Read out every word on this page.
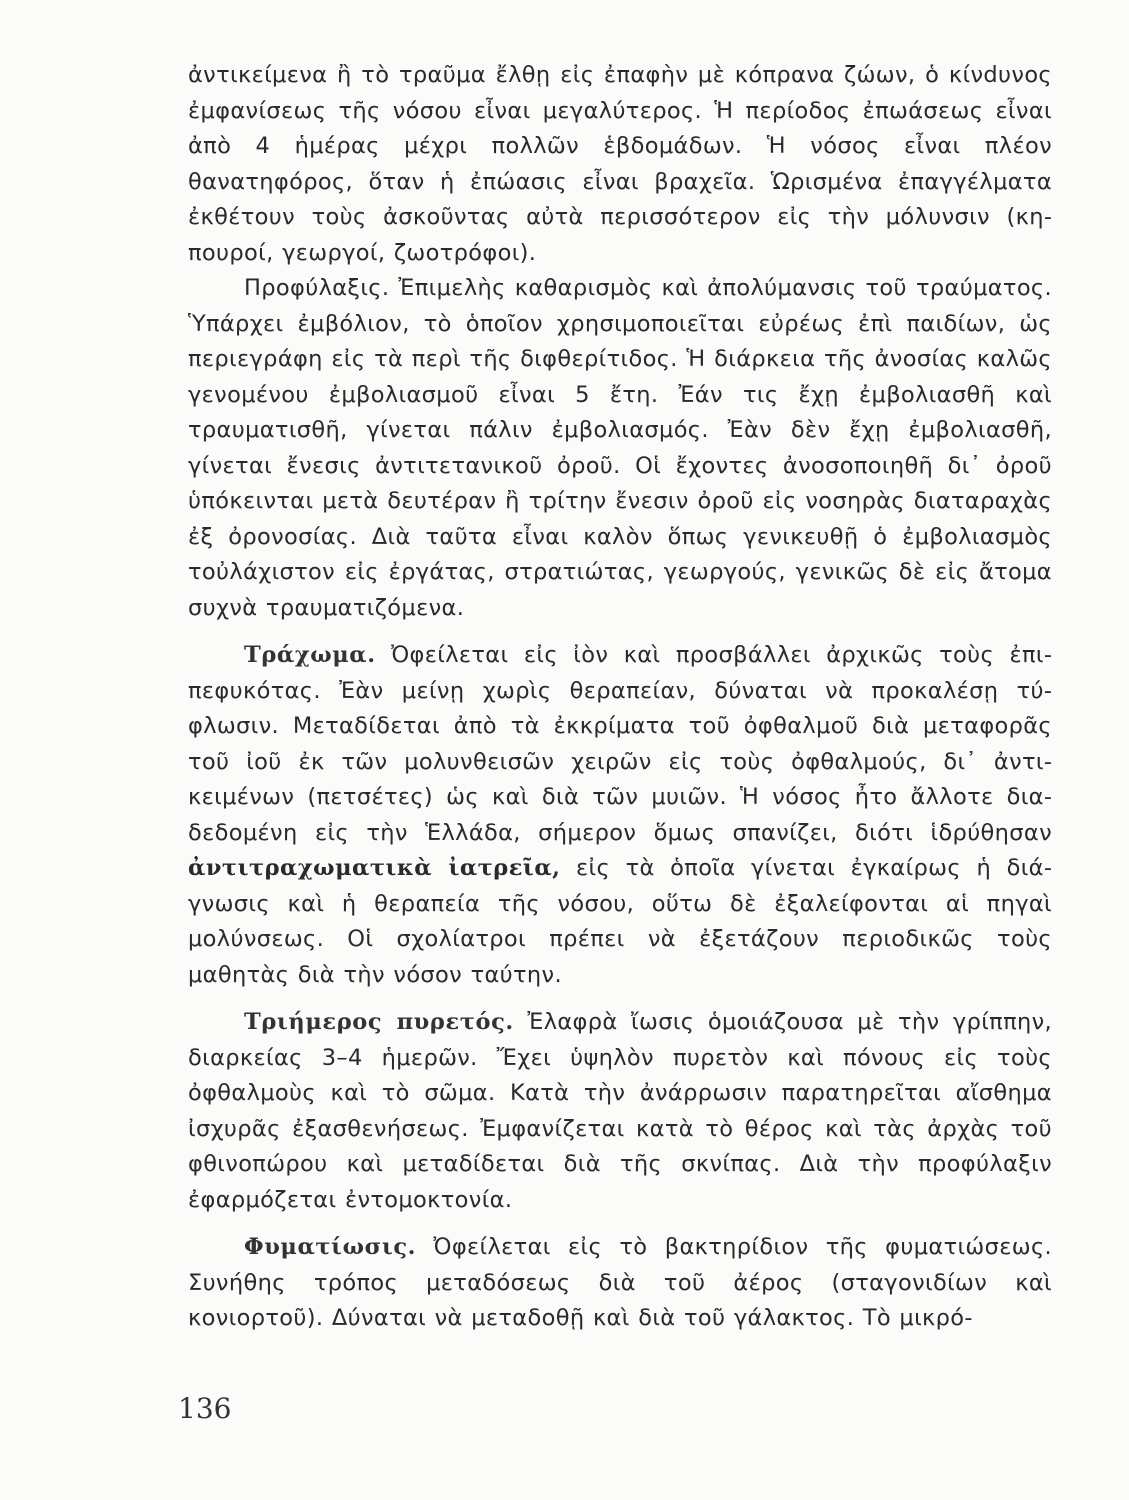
ἀντικείμενα ἢ τὸ τραῦμα ἔλθῃ εἰς ἐπαφὴν μὲ κόπρανα ζώων, ὁ κίνdυνος ἐμφανίσεως τῆς νόσου εἶναι μεγαλύτερος. Ἡ περίοδος ἐπωάσεως εἶναι ἀπὸ 4 ἡμέρας μέχρι πολλῶν ἑβδομάδων. Ἡ νόσος εἶναι πλέον θανατηφόρος, ὅταν ἡ ἐπώασις εἶναι βραχεῖα. Ὡρισμένα ἐπαγγέλματα ἐκθέτουν τοὺς ἀσκοῦντας αὐτὰ περισσότερον εἰς τὴν μόλυνσιν (κηπουροί, γεωργοί, ζωοτρόφοι).

Προφύλαξις. Ἐπιμελὴς καθαρισμὸς καὶ ἀπολύμανσις τοῦ τραύματος. Ὑπάρχει ἐμβόλιον, τὸ ὁποῖον χρησιμοποιεῖται εὐρέως ἐπὶ παιδίων, ὡς περιεγράφη εἰς τὰ περὶ τῆς διφθερίτιδος. Ἡ διάρκεια τῆς ἀνοσίας καλῶς γενομένου ἐμβολιασμοῦ εἶναι 5 ἔτη. Ἐάν τις ἔχῃ ἐμβολιασθῆ καὶ τραυματισθῆ, γίνεται πάλιν ἐμβολιασμός. Ἐὰν δὲν ἔχῃ ἐμβολιασθῆ, γίνεται ἔνεσις ἀντιτετανικοῦ ὀροῦ. Οἱ ἔχοντες ἀνοσοποιηθῆ δι᾿ ὀροῦ ὑπόκεινται μετὰ δευτέραν ἢ τρίτην ἔνεσιν ὀροῦ εἰς νοσηρὰς διαταραχὰς ἐξ ὀρονοσίας. Διὰ ταῦτα εἶναι καλὸν ὅπως γενικευθῇ ὁ ἐμβολιασμὸς τοὐλάχιστον εἰς ἐργάτας, στρατιώτας, γεωργούς, γενικῶς δὲ εἰς ἄτομα συχνὰ τραυματιζόμενα.

Τράχωμα. Ὀφείλεται εἰς ἰὸν καὶ προσβάλλει ἀρχικῶς τοὺς ἐπιπεφυκότας. Ἐὰν μείνῃ χωρὶς θεραπείαν, δύναται νὰ προκαλέσῃ τύφλωσιν. Μεταδίδεται ἀπὸ τὰ ἐκκρίματα τοῦ ὀφθαλμοῦ διὰ μεταφορᾶς τοῦ ἰοῦ ἐκ τῶν μολυνθεισῶν χειρῶν εἰς τοὺς ὀφθαλμούς, δι᾿ ἀντικειμένων (πετσέτες) ὡς καὶ διὰ τῶν μυιῶν. Ἡ νόσος ἦτο ἄλλοτε διαδεδομένη εἰς τὴν Ἑλλάδα, σήμερον ὅμως σπανίζει, διότι ἱδρύθησαν ἀντιτραχωματικὰ ἰατρεῖα, εἰς τὰ ὁποῖα γίνεται ἐγκαίρως ἡ διάγνωσις καὶ ἡ θεραπεία τῆς νόσου, οὕτω δὲ ἐξαλείφονται αἱ πηγαὶ μολύνσεως. Οἱ σχολίατροι πρέπει νὰ ἐξετάζουν περιοδικῶς τοὺς μαθητὰς διὰ τὴν νόσον ταύτην.

Τριήμερος πυρετός. Ἐλαφρὰ ἴωσις ὁμοιάζουσα μὲ τὴν γρίππην, διαρκείας 3–4 ἡμερῶν. Ἔχει ὑψηλὸν πυρετὸν καὶ πόνους εἰς τοὺς ὀφθαλμοὺς καὶ τὸ σῶμα. Κατὰ τὴν ἀνάρρωσιν παρατηρεῖται αἴσθημα ἰσχυρᾶς ἐξασθενήσεως. Ἐμφανίζεται κατὰ τὸ θέρος καὶ τὰς ἀρχὰς τοῦ φθινοπώρου καὶ μεταδίδεται διὰ τῆς σκνίπας. Διὰ τὴν προφύλαξιν ἐφαρμόζεται ἐντομοκτονία.

Φυματίωσις. Ὀφείλεται εἰς τὸ βακτηρίδιον τῆς φυματιώσεως. Συνήθης τρόπος μεταδόσεως διὰ τοῦ ἀέρος (σταγονιδίων καὶ κονιορτοῦ). Δύναται νὰ μεταδοθῇ καὶ διὰ τοῦ γάλακτος. Τὸ μικρό-

136
